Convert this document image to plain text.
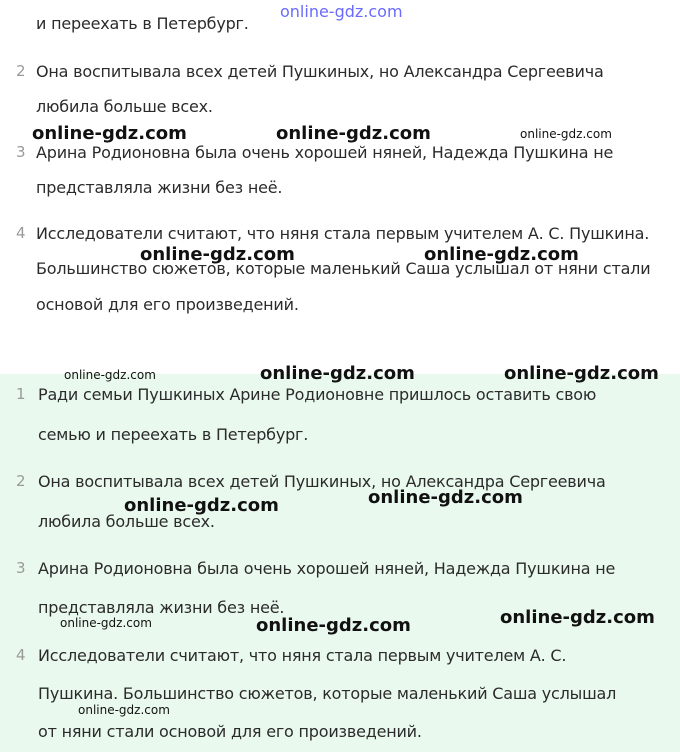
и переехать в Петербург.
2 Она воспитывала всех детей Пушкиных, но Александра Сергеевича
любила больше всех.
3 Арина Родионовна была очень хорошей няней, Надежда Пушкина не
представляла жизни без неё.
4 Исследователи считают, что няня стала первым учителем А. С. Пушкина.
Большинство сюжетов, которые маленький Саша услышал от няни стали
основой для его произведений.
1 Ради семьи Пушкиных Арине Родионовне пришлось оставить свою
семью и переехать в Петербург.
2 Она воспитывала всех детей Пушкиных, но Александра Сергеевича
любила больше всех.
3 Арина Родионовна была очень хорошей няней, Надежда Пушкина не
представляла жизни без неё.
4 Исследователи считают, что няня стала первым учителем А. С.
Пушкина. Большинство сюжетов, которые маленький Саша услышал
от няни стали основой для его произведений.
online-gdz.com
online-gdz.com	online-gdz.com	online-gdz.com
online-gdz.com	online-gdz.com
online-gdz.com	online-gdz.com	online-gdz.com
online-gdz.com	online-gdz.com
online-gdz.com	online-gdz.com	online-gdz.com
online-gdz.com
